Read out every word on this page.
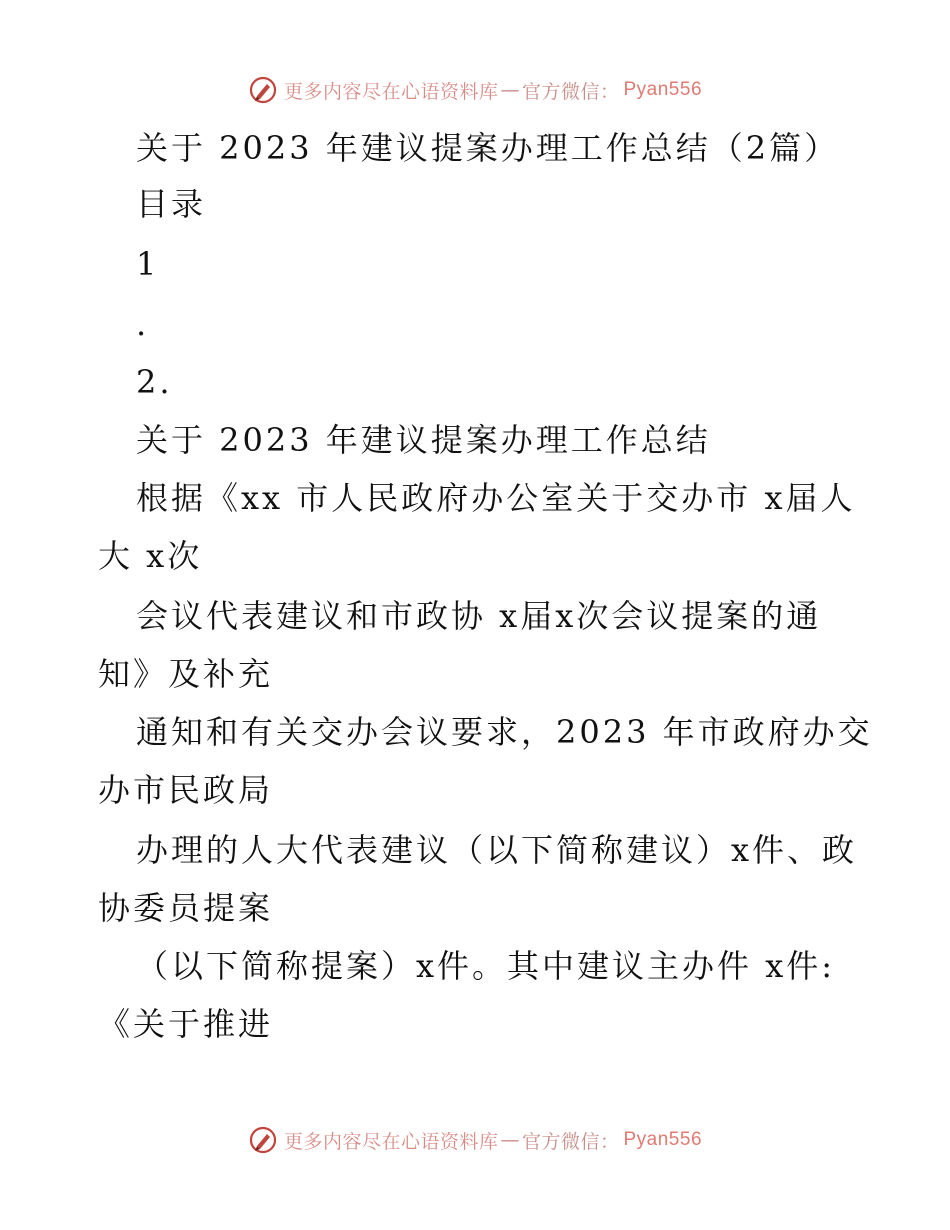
更多内容尽在心语资料库 — 官方微信： Pyan556
关于 2023 年建议提案办理工作总结（2篇）
目录
1
.
2.
关于 2023 年建议提案办理工作总结
根据《xx 市人民政府办公室关于交办市 x届人
大 x次
会议代表建议和市政协 x届x次会议提案的通
知》及补充
通知和有关交办会议要求，2023 年市政府办交
办市民政局
办理的人大代表建议（以下简称建议）x件、政
协委员提案
（以下简称提案）x件。其中建议主办件 x件:
《关于推进
更多内容尽在心语资料库 — 官方微信： Pyan556
